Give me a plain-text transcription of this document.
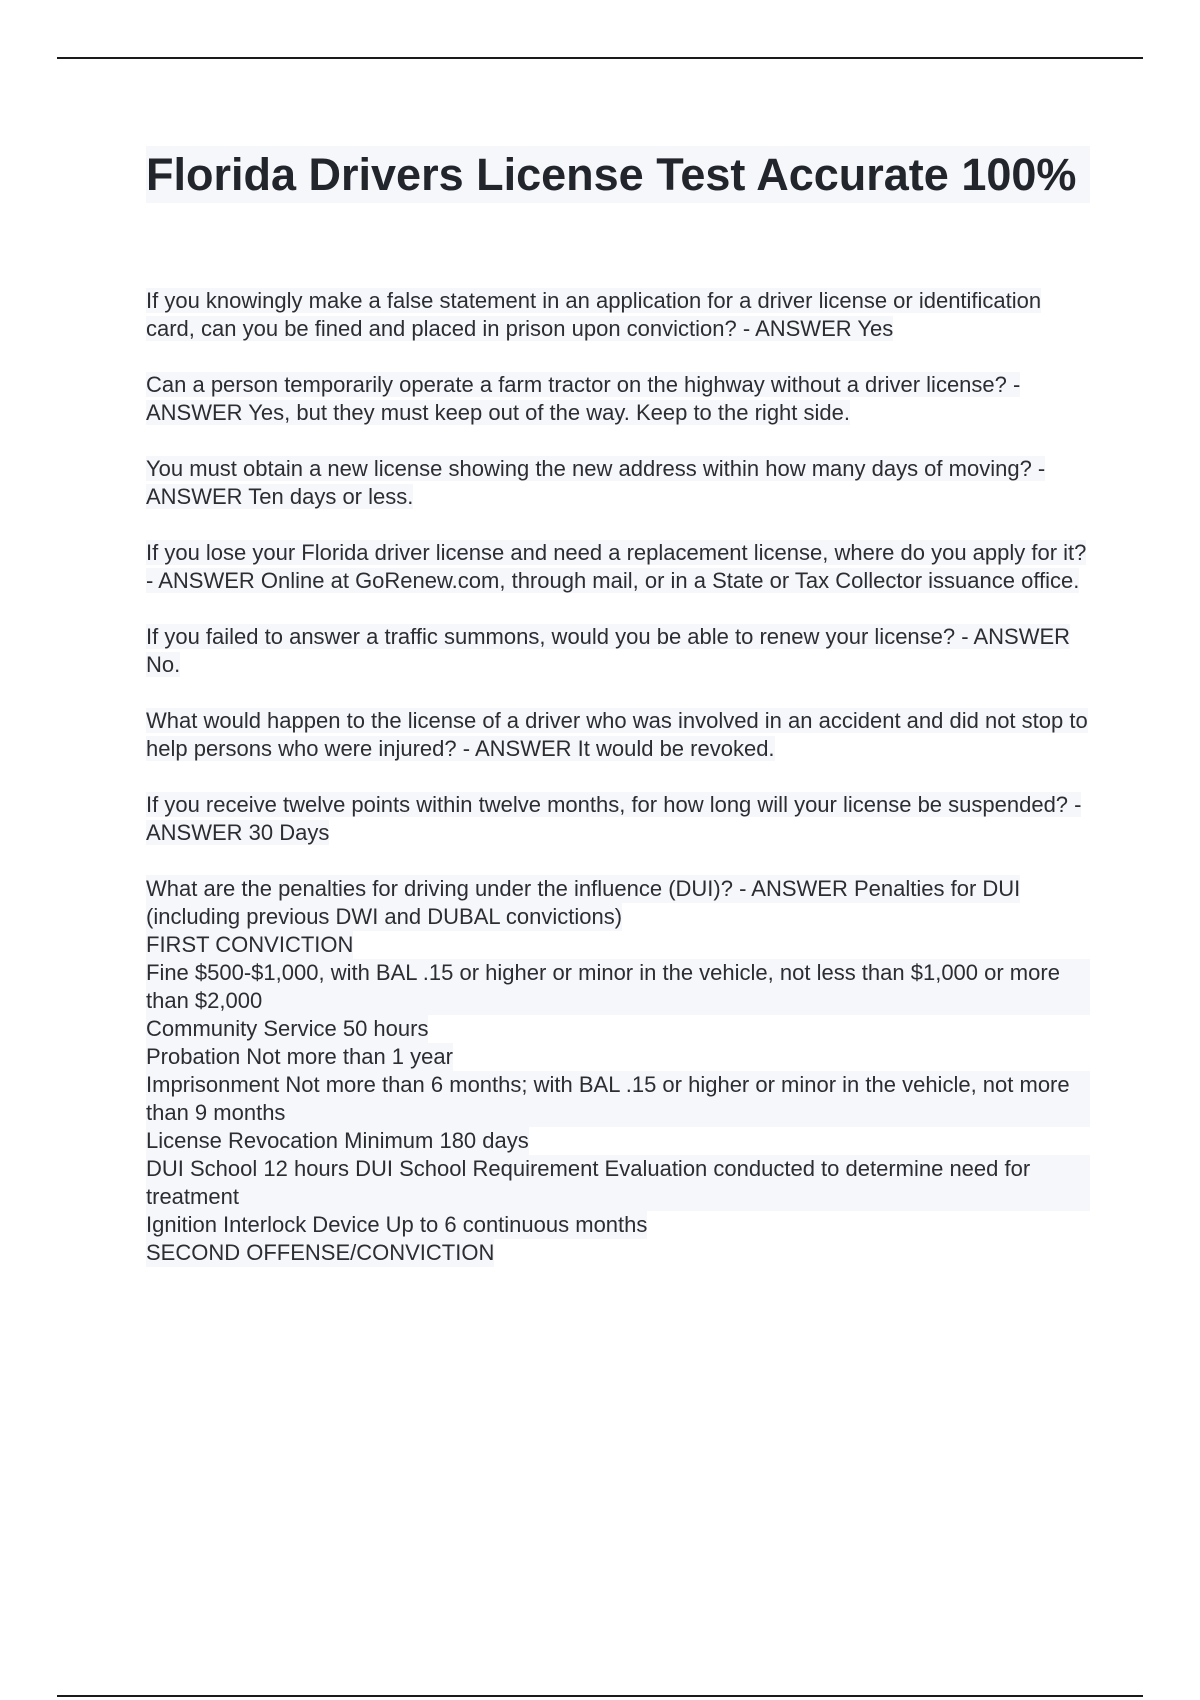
Florida Drivers License Test Accurate 100%

If you knowingly make a false statement in an application for a driver license or identification card, can you be fined and placed in prison upon conviction? - ANSWER Yes

Can a person temporarily operate a farm tractor on the highway without a driver license? - ANSWER Yes, but they must keep out of the way. Keep to the right side.

You must obtain a new license showing the new address within how many days of moving? - ANSWER Ten days or less.

If you lose your Florida driver license and need a replacement license, where do you apply for it? - ANSWER Online at GoRenew.com, through mail, or in a State or Tax Collector issuance office.

If you failed to answer a traffic summons, would you be able to renew your license? - ANSWER No.

What would happen to the license of a driver who was involved in an accident and did not stop to help persons who were injured? - ANSWER It would be revoked.

If you receive twelve points within twelve months, for how long will your license be suspended? - ANSWER 30 Days

What are the penalties for driving under the influence (DUI)? - ANSWER Penalties for DUI
(including previous DWI and DUBAL convictions)
FIRST CONVICTION
Fine $500-$1,000, with BAL .15 or higher or minor in the vehicle, not less than $1,000 or more than $2,000
Community Service 50 hours
Probation Not more than 1 year
Imprisonment Not more than 6 months; with BAL .15 or higher or minor in the vehicle, not more than 9 months
License Revocation Minimum 180 days
DUI School 12 hours DUI School Requirement Evaluation conducted to determine need for treatment
Ignition Interlock Device Up to 6 continuous months
SECOND OFFENSE/CONVICTION
